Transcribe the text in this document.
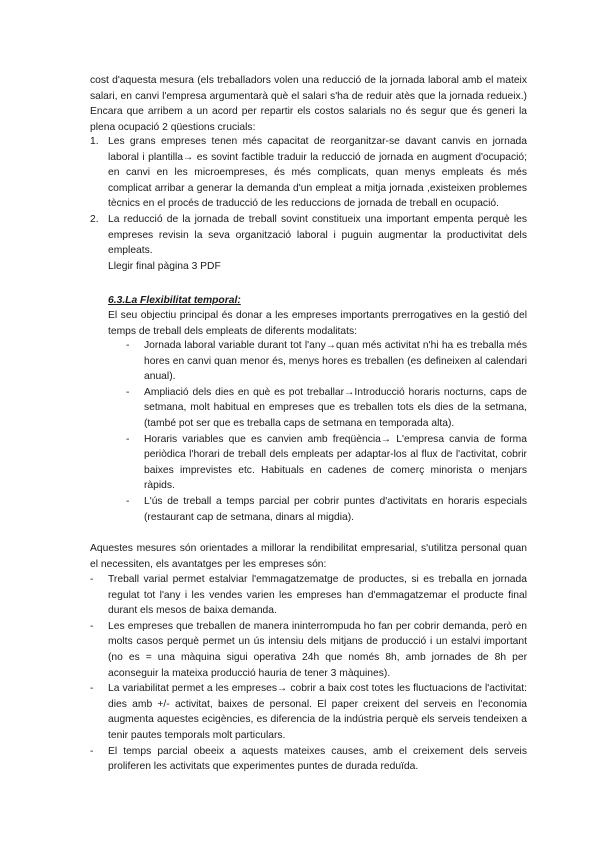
cost d'aquesta mesura (els treballadors volen una reducció de la jornada laboral amb el mateix salari, en canvi l'empresa argumentarà què el salari s'ha de reduir atès que la jornada redueix.) Encara que arribem a un acord per repartir els costos salarials no és segur que és generi la plena ocupació 2 qüestions crucials:

1. Les grans empreses tenen més capacitat de reorganitzar-se davant canvis en jornada laboral i plantilla→ es sovint factible traduir la reducció de jornada en augment d'ocupació; en canvi en les microempreses, és més complicats, quan menys empleats és més complicat arribar a generar la demanda d'un empleat a mitja jornada ,existeixen problemes tècnics en el procés de traducció de les reduccions de jornada de treball en ocupació.
2. La reducció de la jornada de treball sovint constitueix una important empenta perquè les empreses revisin la seva organització laboral i puguin augmentar la productivitat dels empleats.
Llegir final pàgina 3 PDF
6.3.La Flexibilitat temporal:

El seu objectiu principal és donar a les empreses importants prerrogatives en la gestió del temps de treball dels empleats de diferents modalitats:

- Jornada laboral variable durant tot l'any→quan més activitat n'hi ha es treballa més hores en canvi quan menor és, menys hores es treballen (es defineixen al calendari anual).
- Ampliació dels dies en què es pot treballar→Introducció horaris nocturns, caps de setmana, molt habitual en empreses que es treballen tots els dies de la setmana, (també pot ser que es treballa caps de setmana en temporada alta).
- Horaris variables que es canvien amb freqüència→ L'empresa canvia de forma periòdica l'horari de treball dels empleats per adaptar-los al flux de l'activitat, cobrir baixes imprevistes etc. Habituals en cadenes de comerç minorista o menjars ràpids.
- L'ús de treball a temps parcial per cobrir puntes d'activitats en horaris especials (restaurant cap de setmana, dinars al migdia).

Aquestes mesures són orientades a millorar la rendibilitat empresarial, s'utilitza personal quan el necessiten, els avantatges per les empreses són:

- Treball varial permet estalviar l'emmagatzematge de productes, si es treballa en jornada regulat tot l'any i les vendes varien les empreses han d'emmagatzemar el producte final durant els mesos de baixa demanda.
- Les empreses que treballen de manera ininterrompuda ho fan per cobrir demanda, però en molts casos perquè permet un ús intensiu dels mitjans de producció i un estalvi important (no es = una màquina sigui operativa 24h que només 8h, amb jornades de 8h per aconseguir la mateixa producció hauria de tener 3 màquines).
- La variabilitat permet a les empreses→ cobrir a baix cost totes les fluctuacions de l'activitat: dies amb +/- activitat, baixes de personal. El paper creixent del serveis en l'economia augmenta aquestes ecigències, es diferencia de la indústria perquè els serveis tendeixen a tenir pautes temporals molt particulars.
- El temps parcial obeeix a aquests mateixes causes, amb el creixement dels serveis proliferen les activitats que experimentes puntes de durada reduïda.
